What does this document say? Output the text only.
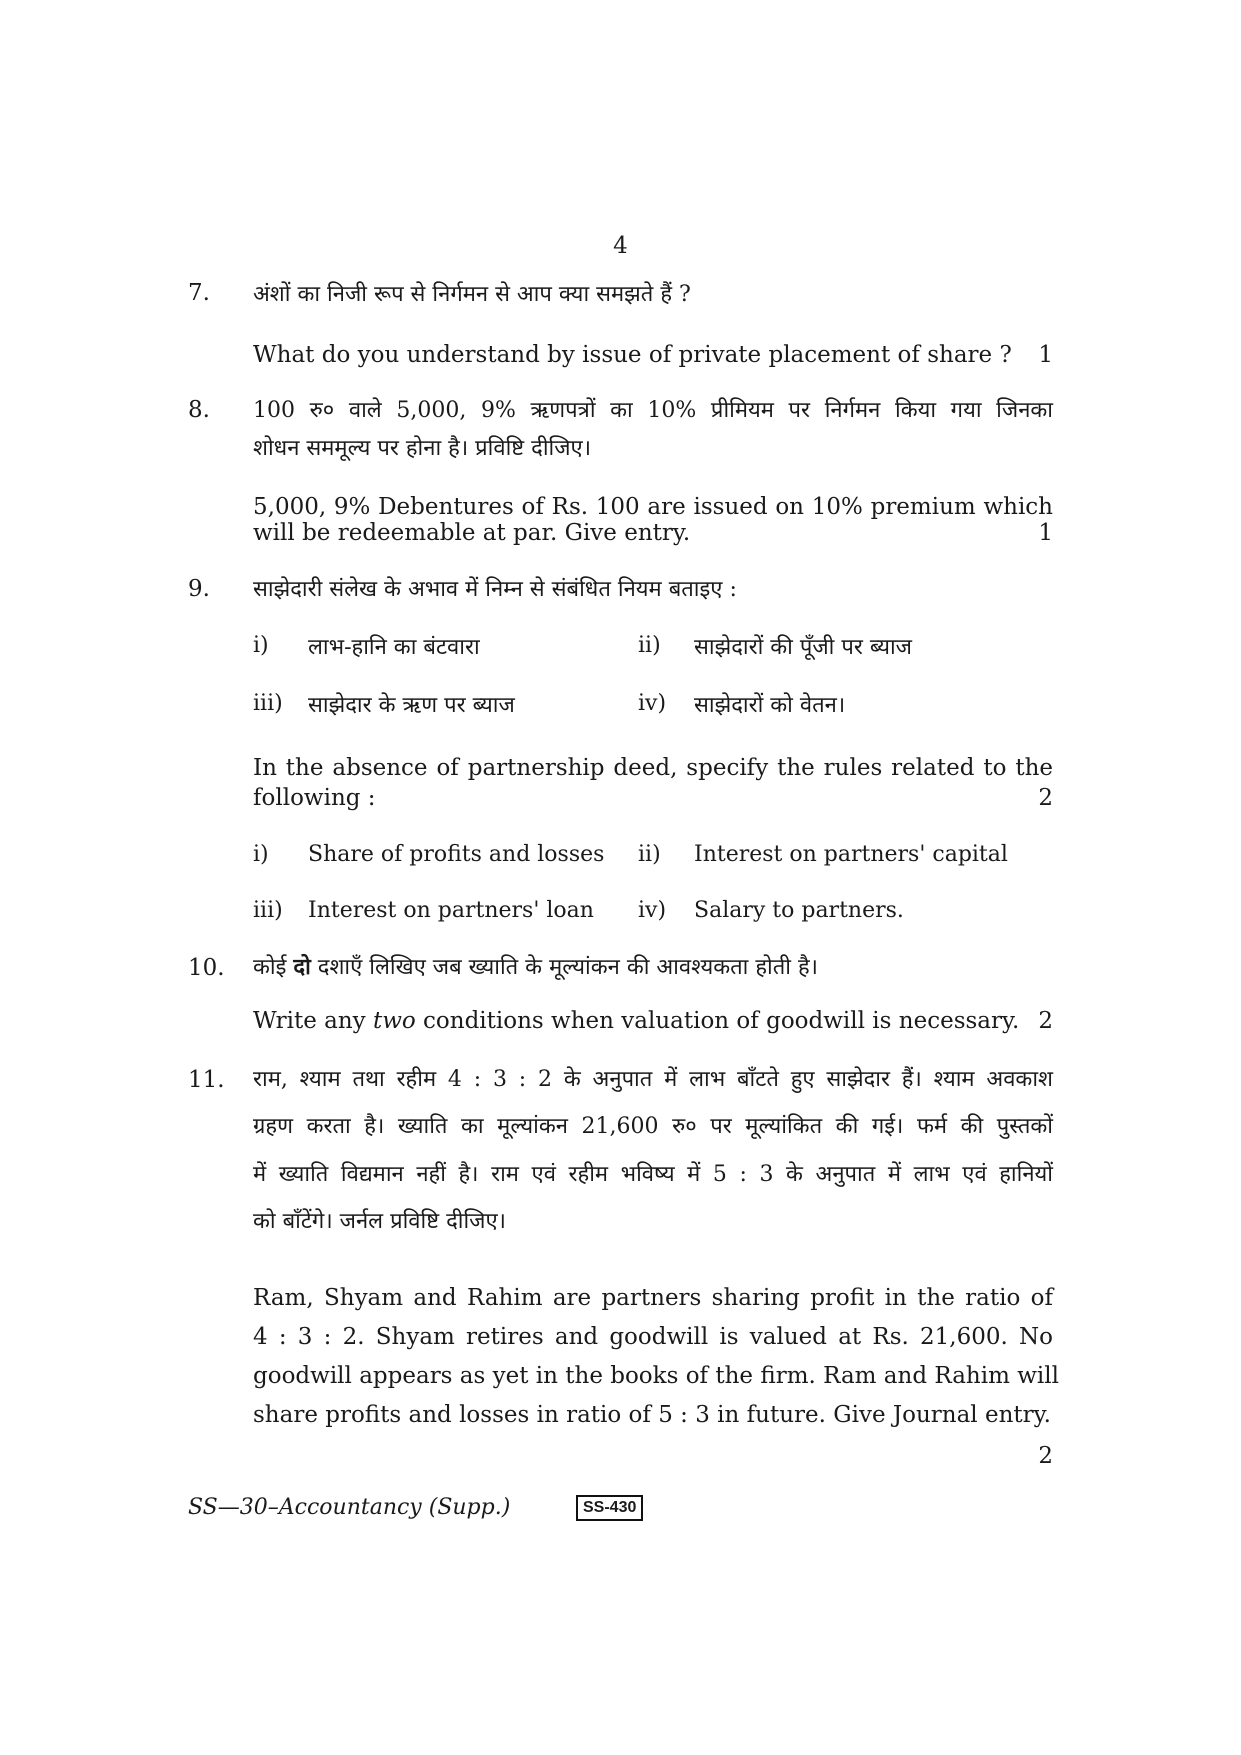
4
7. अंशों का निजी रूप से निर्गमन से आप क्या समझते हैं ?
What do you understand by issue of private placement of share ?	1
8. 100 रु० वाले 5,000, 9% ऋणपत्रों का 10% प्रीमियम पर निर्गमन किया गया जिनका
शोधन सममूल्य पर होना है। प्रविष्टि दीजिए।
5,000, 9% Debentures of Rs. 100 are issued on 10% premium which
will be redeemable at par. Give entry.	1
9. साझेदारी संलेख के अभाव में निम्न से संबंधित नियम बताइए :
i) लाभ-हानि का बंटवारा	ii) साझेदारों की पूँजी पर ब्याज
iii) साझेदार के ऋण पर ब्याज	iv) साझेदारों को वेतन।
In the absence of partnership deed, specify the rules related to the
following :	2
i) Share of profits and losses ii) Interest on partners' capital
iii) Interest on partners' loan iv) Salary to partners.
10. कोई दो दशाएँ लिखिए जब ख्याति के मूल्यांकन की आवश्यकता होती है।
Write any two conditions when valuation of goodwill is necessary. 2
11. राम, श्याम तथा रहीम 4 : 3 : 2 के अनुपात में लाभ बाँटते हुए साझेदार हैं। श्याम अवकाश
ग्रहण करता है। ख्याति का मूल्यांकन 21,600 रु० पर मूल्यांकित की गई। फर्म की पुस्तकों
में ख्याति विद्यमान नहीं है। राम एवं रहीम भविष्य में 5 : 3 के अनुपात में लाभ एवं हानियों
को बाँटेंगे। जर्नल प्रविष्टि दीजिए।
Ram, Shyam and Rahim are partners sharing profit in the ratio of
4 : 3 : 2. Shyam retires and goodwill is valued at Rs. 21,600. No
goodwill appears as yet in the books of the firm. Ram and Rahim will
share profits and losses in ratio of 5 : 3 in future. Give Journal entry.
2
SS—30–Accountancy (Supp.)	SS-430
